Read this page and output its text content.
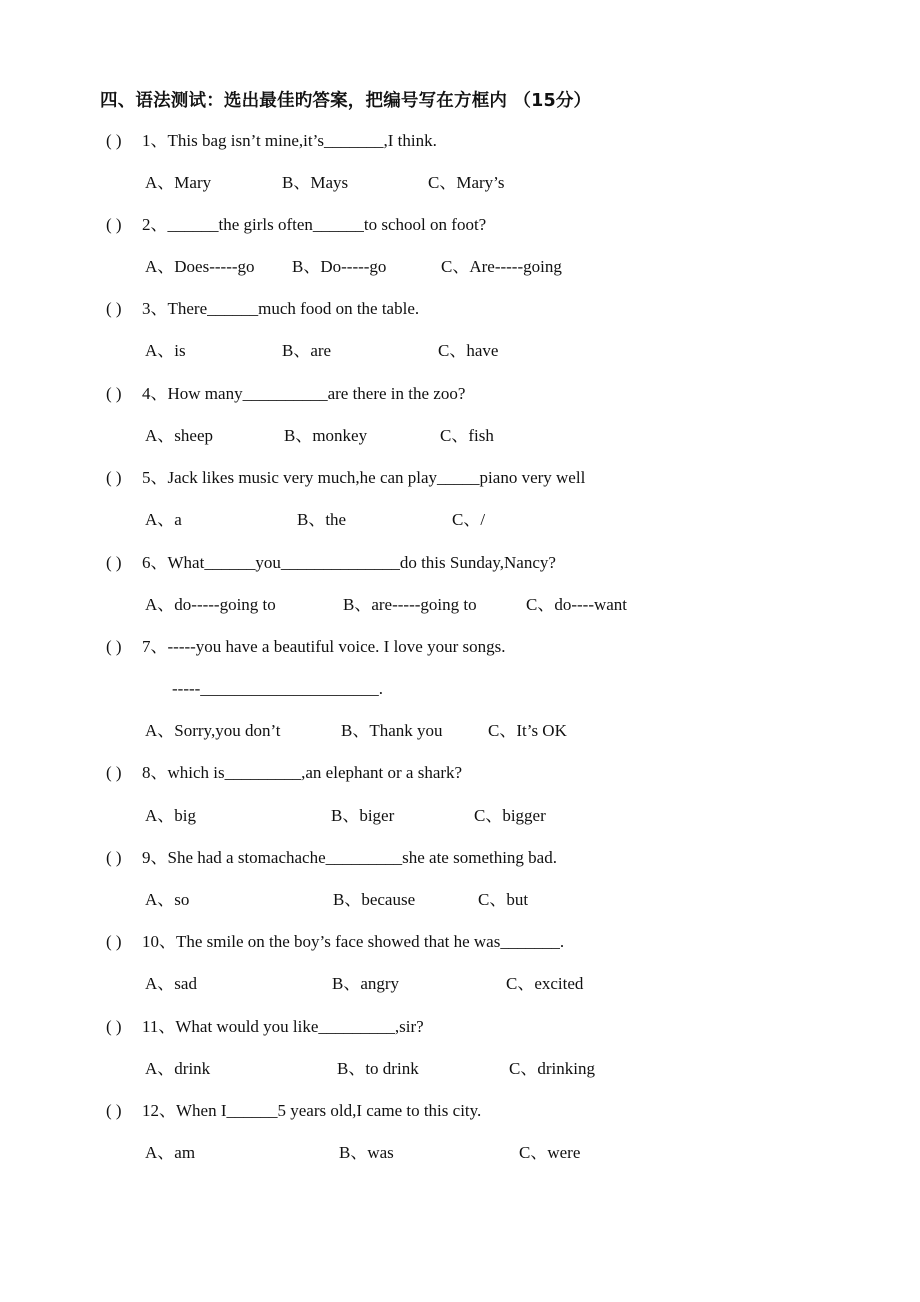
四、语法测试：选出最佳旳答案，把编号写在方框内 （15分）
( ) 1、This bag isn’t mine,it’s_______,I think.
A、Mary	B、Mays	C、Mary’s
( ) 2、______the girls often______to school on foot?
A、Does-----go B、Do-----go	C、Are-----going
( ) 3、There______much food on the table.
A、is	B、are	C、have
( ) 4、How many__________are there in the zoo?
A、sheep	B、monkey	C、fish
( ) 5、Jack likes music very much,he can play_____piano very well
A、a	B、the	C、/
( ) 6、What______you______________do this Sunday,Nancy?
A、do-----going to	B、are-----going to	C、do----want
( ) 7、-----you have a beautiful voice. I love your songs.
-----_____________________.
A、Sorry,you don’t	B、Thank you	C、It’s OK
( ) 8、which is_________,an elephant or a shark?
A、big	B、biger	C、bigger
( ) 9、She had a stomachache_________she ate something bad.
A、so	B、because	C、but
( ) 10、The smile on the boy’s face showed that he was_______.
A、sad	B、angry	C、excited
( ) 11、What would you like_________,sir?
A、drink	B、to drink	C、drinking
( ) 12、When I______5 years old,I came to this city.
A、am	B、was	C、were
